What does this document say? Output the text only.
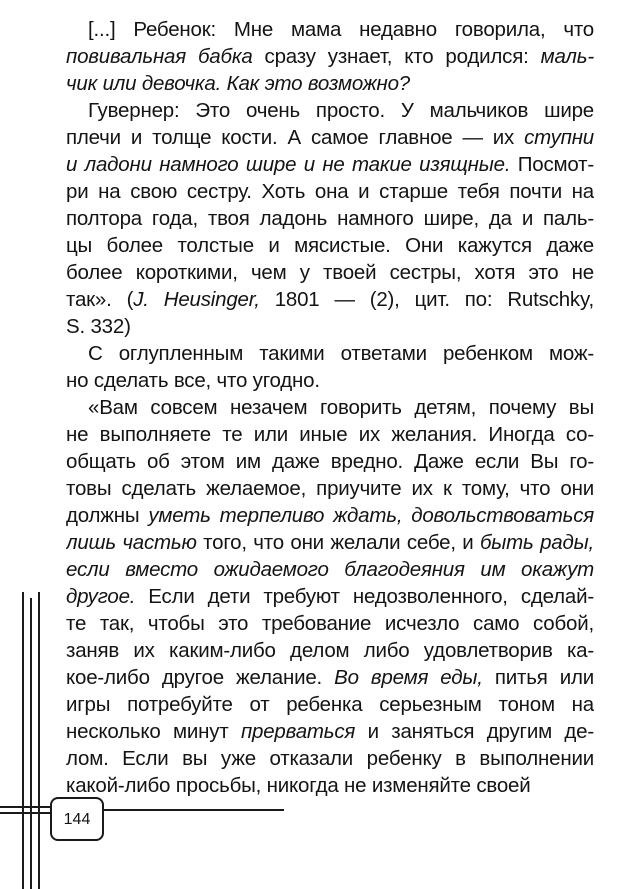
[...] Ребенок: Мне мама недавно говорила, что
повивальная бабка сразу узнает, кто родился: маль-
чик или девочка. Как это возможно?
Гувернер: Это очень просто. У мальчиков шире
плечи и толще кости. А самое главное — их ступни
и ладони намного шире и не такие изящные. Посмот-
ри на свою сестру. Хоть она и старше тебя почти на
полтора года, твоя ладонь намного шире, да и паль-
цы более толстые и мясистые. Они кажутся даже
более короткими, чем у твоей сестры, хотя это не
так». (J. Heusinger, 1801 — (2), цит. по: Rutschky,
S. 332)
С оглупленным такими ответами ребенком мож-
но сделать все, что угодно.
«Вам совсем незачем говорить детям, почему вы
не выполняете те или иные их желания. Иногда со-
общать об этом им даже вредно. Даже если Вы го-
товы сделать желаемое, приучите их к тому, что они
должны уметь терпеливо ждать, довольствоваться
лишь частью того, что они желали себе, и быть рады,
если вместо ожидаемого благодеяния им окажут
другое. Если дети требуют недозволенного, сделай-
те так, чтобы это требование исчезло само собой,
заняв их каким-либо делом либо удовлетворив ка-
кое-либо другое желание. Во время еды, питья или
игры потребуйте от ребенка серьезным тоном на
несколько минут прерваться и заняться другим де-
лом. Если вы уже отказали ребенку в выполнении
какой-либо просьбы, никогда не изменяйте своей
144
